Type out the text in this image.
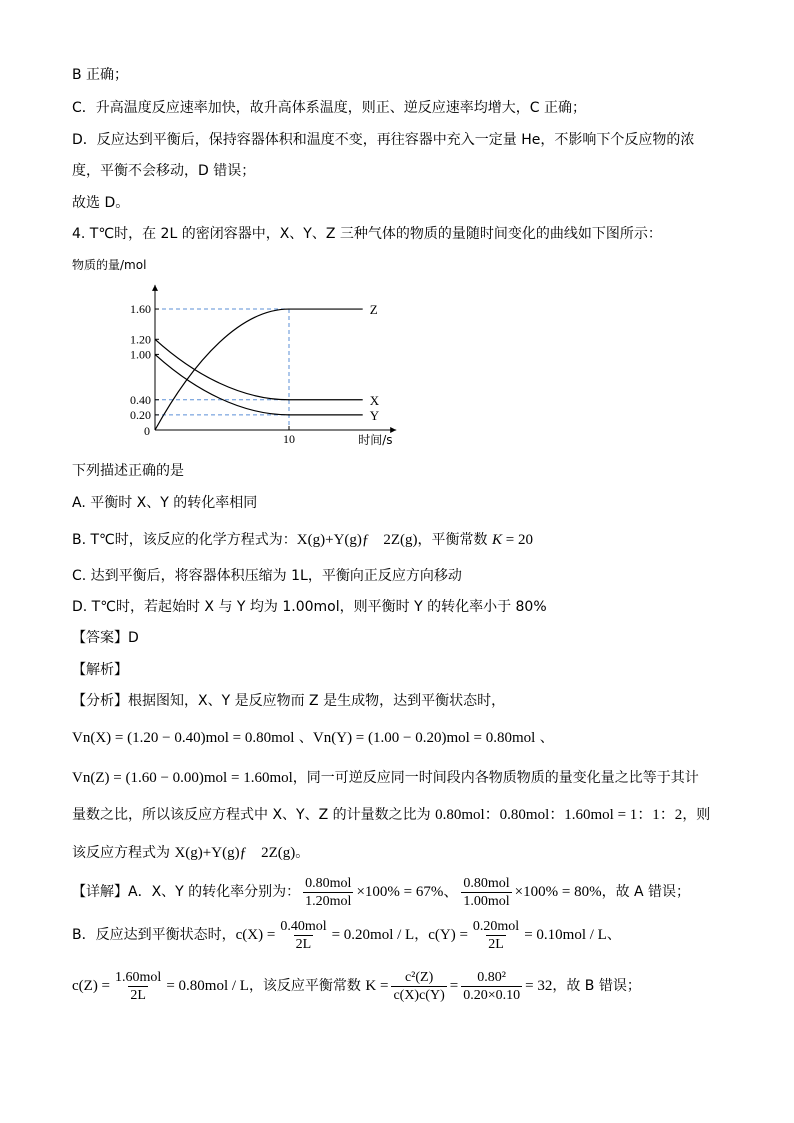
B 正确；
C．升高温度反应速率加快，故升高体系温度，则正、逆反应速率均增大，C 正确；
D．反应达到平衡后，保持容器体积和温度不变，再往容器中充入一定量 He，不影响下个反应物的浓
度，平衡不会移动，D 错误；
故选 D。
4. T℃时，在 2L 的密闭容器中，X、Y、Z 三种气体的物质的量随时间变化的曲线如下图所示：
1.60
1.20
1.00
0.40
0.20
0
10
物质的量/mol
时间/s
Z
X
Y
下列描述正确的是
A. 平衡时 X、Y 的转化率相同
B. T℃时，该反应的化学方程式为：X(g)+Y(g)ƒ 2Z(g)，平衡常数 K = 20
C. 达到平衡后，将容器体积压缩为 1L，平衡向正反应方向移动
D. T℃时，若起始时 X 与 Y 均为 1.00mol，则平衡时 Y 的转化率小于 80%
【答案】D
【解析】
【分析】根据图知，X、Y 是反应物而 Z 是生成物，达到平衡状态时，
Vn(X) = (1.20 − 0.40)mol = 0.80mol 、Vn(Y) = (1.00 − 0.20)mol = 0.80mol 、
Vn(Z) = (1.60 − 0.00)mol = 1.60mol，同一可逆反应同一时间段内各物质物质的量变化量之比等于其计
量数之比，所以该反应方程式中 X、Y、Z 的计量数之比为 0.80mol：0.80mol：1.60mol = 1：1：2，则
该反应方程式为 X(g)+Y(g)ƒ 2Z(g)。
【详解】A．X、Y 的转化率分别为： $\frac{\text{0.80mol}}{\text{1.20mol}} \times 100\% = 67\%$、 $\frac{\text{0.80mol}}{\text{1.00mol}} \times 100\% = 80\%$，故 A 错误；
B．反应达到平衡状态时，$c(X) = \frac{\text{0.40mol}}{2L} = 0.20mol / L$，$c(Y) = \frac{\text{0.20mol}}{2L} = 0.10mol / L$、
$c(Z) = \frac{\text{1.60mol}}{2L} = 0.80mol / L$，该反应平衡常数 $K = \frac{\text{c²(Z)}}{c(X)c(Y)} = \frac{\text{0.80²}}{0.20\times 0.10} = 32$，故 B 错误；
